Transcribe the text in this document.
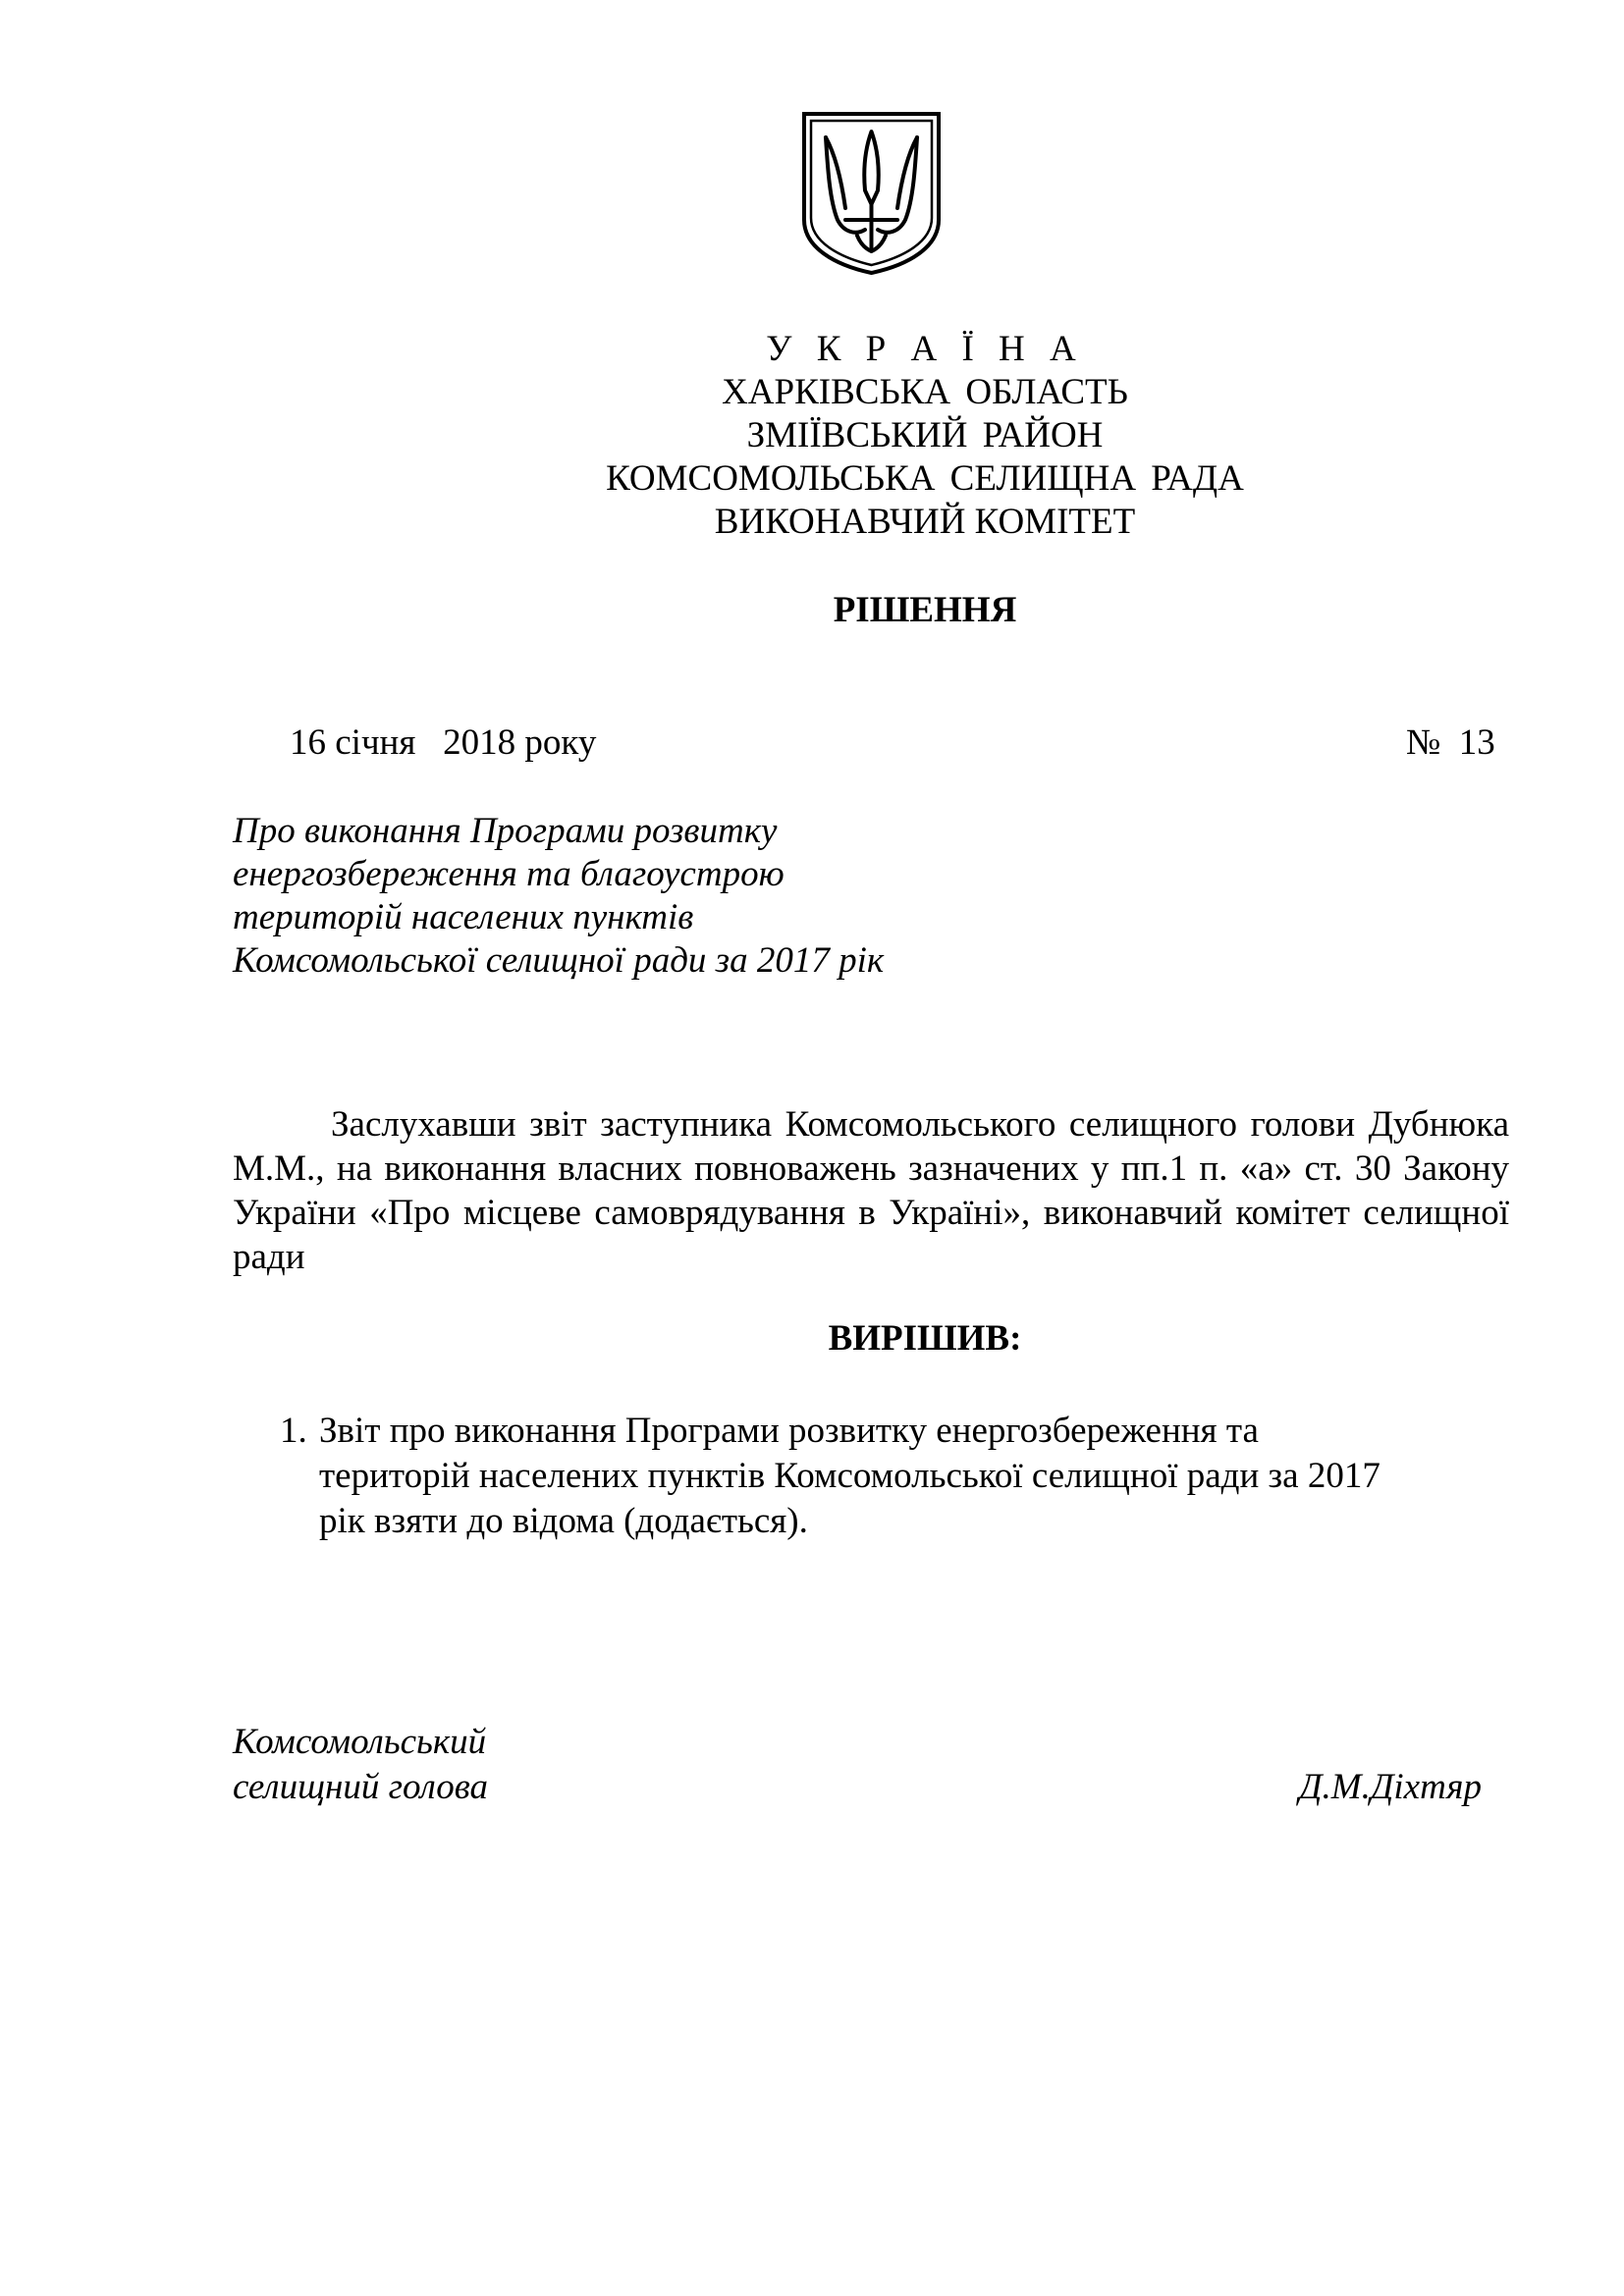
У К Р А Ї Н А
ХАРКІВСЬКА ОБЛАСТЬ
ЗМІЇВСЬКИЙ РАЙОН
КОМСОМОЛЬСЬКА СЕЛИЩНА РАДА
ВИКОНАВЧИЙ КОМІТЕТ
РІШЕННЯ
16 січня   2018 року	№  13
Про виконання Програми розвитку
енергозбереження та благоустрою
територій населених пунктів
Комсомольської селищної ради за 2017 рік
Заслухавши звіт заступника Комсомольського селищного голови Дубнюка М.М., на виконання власних повноважень зазначених у пп.1 п. «а» ст. 30 Закону України «Про місцеве самоврядування в Україні», виконавчий комітет селищної ради
ВИРІШИВ:
1. Звіт про виконання Програми розвитку енергозбереження та територій населених пунктів Комсомольської селищної ради за 2017 рік взяти до відома (додається).
Комсомольський
селищний голова	Д.М.Діхтяр
